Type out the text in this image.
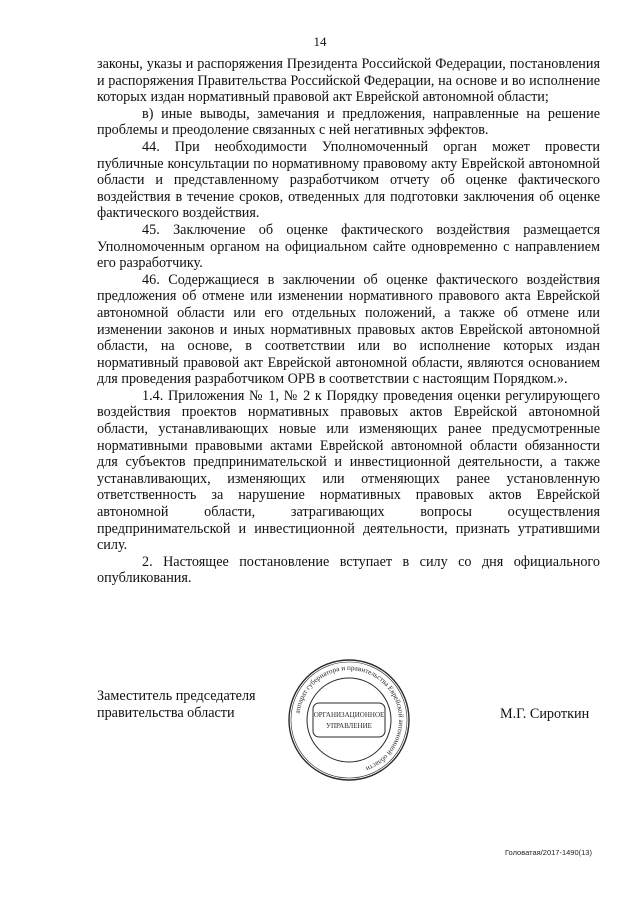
14

законы, указы и распоряжения Президента Российской Федерации, постановления и распоряжения Правительства Российской Федерации, на основе и во исполнение которых издан нормативный правовой акт Еврейской автономной области;

в) иные выводы, замечания и предложения, направленные на решение проблемы и преодоление связанных с ней негативных эффектов.

44. При необходимости Уполномоченный орган может провести публичные консультации по нормативному правовому акту Еврейской автономной области и представленному разработчиком отчету об оценке фактического воздействия в течение сроков, отведенных для подготовки заключения об оценке фактического воздействия.

45. Заключение об оценке фактического воздействия размещается Уполномоченным органом на официальном сайте одновременно с направлением его разработчику.

46. Содержащиеся в заключении об оценке фактического воздействия предложения об отмене или изменении нормативного правового акта Еврейской автономной области или его отдельных положений, а также об отмене или изменении законов и иных нормативных правовых актов Еврейской автономной области, на основе, в соответствии или во исполнение которых издан нормативный правовой акт Еврейской автономной области, являются основанием для проведения разработчиком ОРВ в соответствии с настоящим Порядком.».

1.4. Приложения № 1, № 2 к Порядку проведения оценки регулирующего воздействия проектов нормативных правовых актов Еврейской автономной области, устанавливающих новые или изменяющих ранее предусмотренные нормативными правовыми актами Еврейской автономной области обязанности для субъектов предпринимательской и инвестиционной деятельности, а также устанавливающих, изменяющих или отменяющих ранее установленную ответственность за нарушение нормативных правовых актов Еврейской автономной области, затрагивающих вопросы осуществления предпринимательской и инвестиционной деятельности, признать утратившими силу.

2. Настоящее постановление вступает в силу со дня официального опубликования.

Заместитель председателя
правительства области	аппарат губернатора и правительства Еврейской автономной области
ОРГАНИЗАЦИОННОЕ
УПРАВЛЕНИЕ
М.Г. Сироткин
Головатая/2017-1490(13)
